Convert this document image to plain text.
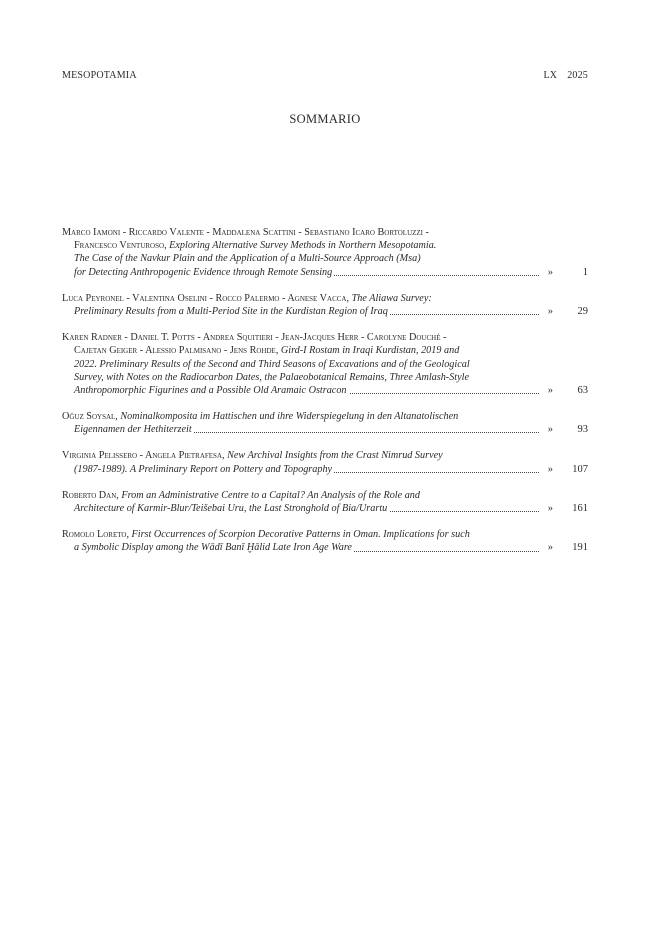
MESOPOTAMIA	LX 2025
SOMMARIO
Marco Iamoni - Riccardo Valente - Maddalena Scattini - Sebastiano Icaro Bortoluzzi -
Francesco Venturoso, Exploring Alternative Survey Methods in Northern Mesopotamia.
The Case of the Navkur Plain and the Application of a Multi-Source Approach (Msa)
for Detecting Anthropogenic Evidence through Remote Sensing	»	1
Luca Peyronel - Valentina Oselini - Rocco Palermo - Agnese Vacca, The Aliawa Survey:
Preliminary Results from a Multi-Period Site in the Kurdistan Region of Iraq	»	29
Karen Radner - Daniel T. Potts - Andrea Squitieri - Jean-Jacques Herr - Carolyne Douché -
Cajetan Geiger - Alessio Palmisano - Jens Rohde, Gird-I Rostam in Iraqi Kurdistan, 2019 and
2022. Preliminary Results of the Second and Third Seasons of Excavations and of the Geological
Survey, with Notes on the Radiocarbon Dates, the Palaeobotanical Remains, Three Amlash-Style
Anthropomorphic Figurines and a Possible Old Aramaic Ostracon	»	63
Oğuz Soysal, Nominalkomposita im Hattischen und ihre Widerspiegelung in den Altanatolischen
Eigennamen der Hethiterzeit	»	93
Virginia Pelissero - Angela Pietrafesa, New Archival Insights from the Crast Nimrud Survey
(1987-1989). A Preliminary Report on Pottery and Topography	»	107
Roberto Dan, From an Administrative Centre to a Capital? An Analysis of the Role and
Architecture of Karmir-Blur/Teišebai Uru, the Last Stronghold of Bia/Urartu	»	161
Romolo Loreto, First Occurrences of Scorpion Decorative Patterns in Oman. Implications for such
a Symbolic Display among the Wādī Banī Ḫālid Late Iron Age Ware	»	191
